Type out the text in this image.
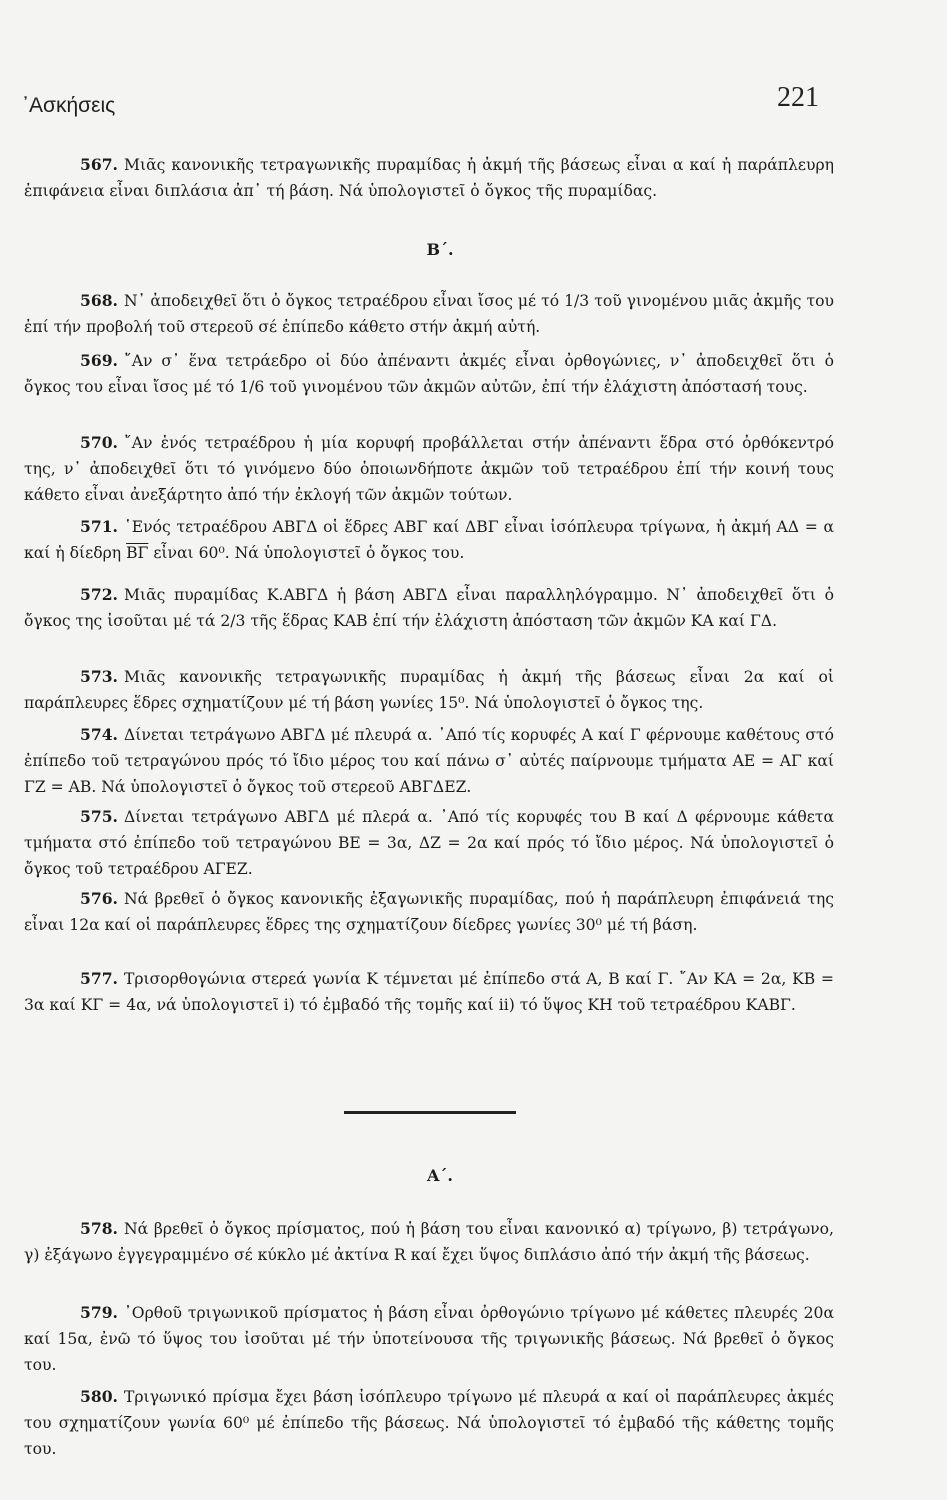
᾿Ασκήσεις	221

567. Μιᾶς κανονικῆς τετραγωνικῆς πυραμίδας ἡ ἀκμή τῆς βάσεως εἶναι α καί ἡ παράπλευρη ἐπιφάνεια εἶναι διπλάσια ἀπ᾿ τή βάση. Νά ὑπολογιστεῖ ὁ ὄγκος τῆς πυραμίδας.

Β΄.

568. Ν᾿ ἀποδειχθεῖ ὅτι ὁ ὄγκος τετραέδρου εἶναι ἴσος μέ τό 1/3 τοῦ γινομένου μιᾶς ἀκμῆς του ἐπί τήν προβολή τοῦ στερεοῦ σέ ἐπίπεδο κάθετο στήν ἀκμή αὐτή.

569. ῎Αν σ᾿ ἕνα τετράεδρο οἱ δύο ἀπέναντι ἀκμές εἶναι ὀρθογώνιες, ν᾿ ἀποδειχθεῖ ὅτι ὁ ὄγκος του εἶναι ἴσος μέ τό 1/6 τοῦ γινομένου τῶν ἀκμῶν αὐτῶν, ἐπί τήν ἐλάχιστη ἀπόστασή τους.

570. ῎Αν ἑνός τετραέδρου ἡ μία κορυφή προβάλλεται στήν ἀπέναντι ἕδρα στό ὀρθόκεντρό της, ν᾿ ἀποδειχθεῖ ὅτι τό γινόμενο δύο ὁποιωνδήποτε ἀκμῶν τοῦ τετραέδρου ἐπί τήν κοινή τους κάθετο εἶναι ἀνεξάρτητο ἀπό τήν ἐκλογή τῶν ἀκμῶν τούτων.

571. ῾Ενός τετραέδρου ΑΒΓΔ οἱ ἕδρες ΑΒΓ καί ΔΒΓ εἶναι ἰσόπλευρα τρίγωνα, ἡ ἀκμή ΑΔ = α καί ἡ δίεδρη $\overline{B\Gamma}$ εἶναι 60⁰. Νά ὑπολογιστεῖ ὁ ὄγκος του.

572. Μιᾶς πυραμίδας Κ.ΑΒΓΔ ἡ βάση ΑΒΓΔ εἶναι παραλληλόγραμμο. Ν᾿ ἀποδειχθεῖ ὅτι ὁ ὄγκος της ἰσοῦται μέ τά 2/3 τῆς ἕδρας ΚΑΒ ἐπί τήν ἐλάχιστη ἀπόσταση τῶν ἀκμῶν ΚΑ καί ΓΔ.

573. Μιᾶς κανονικῆς τετραγωνικῆς πυραμίδας ἡ ἀκμή τῆς βάσεως εἶναι 2α καί οἱ παράπλευρες ἕδρες σχηματίζουν μέ τή βάση γωνίες 15⁰. Νά ὑπολογιστεῖ ὁ ὄγκος της.

574. Δίνεται τετράγωνο ΑΒΓΔ μέ πλευρά α. ᾿Από τίς κορυφές Α καί Γ φέρνουμε καθέτους στό ἐπίπεδο τοῦ τετραγώνου πρός τό ἴδιο μέρος του καί πάνω σ᾿ αὐτές παίρνουμε τμήματα ΑΕ = ΑΓ καί ΓΖ = ΑΒ. Νά ὑπολογιστεῖ ὁ ὄγκος τοῦ στερεοῦ ΑΒΓΔΕΖ.

575. Δίνεται τετράγωνο ΑΒΓΔ μέ πλερά α. ᾿Από τίς κορυφές του Β καί Δ φέρνουμε κάθετα τμήματα στό ἐπίπεδο τοῦ τετραγώνου ΒΕ = 3α, ΔΖ = 2α καί πρός τό ἴδιο μέρος. Νά ὑπολογιστεῖ ὁ ὄγκος τοῦ τετραέδρου ΑΓΕΖ.

576. Νά βρεθεῖ ὁ ὄγκος κανονικῆς ἑξαγωνικῆς πυραμίδας, πού ἡ παράπλευρη ἐπιφάνειά της εἶναι 12α καί οἱ παράπλευρες ἕδρες της σχηματίζουν δίεδρες γωνίες 30⁰ μέ τή βάση.

577. Τρισορθογώνια στερεά γωνία Κ τέμνεται μέ ἐπίπεδο στά Α, Β καί Γ. ῎Αν ΚΑ = 2α, ΚΒ = 3α καί ΚΓ = 4α, νά ὑπολογιστεῖ i) τό ἐμβαδό τῆς τομῆς καί ii) τό ὕψος ΚΗ τοῦ τετραέδρου ΚΑΒΓ.

Α΄.

578. Νά βρεθεῖ ὁ ὄγκος πρίσματος, πού ἡ βάση του εἶναι κανονικό α) τρίγωνο, β) τετράγωνο, γ) ἑξάγωνο ἐγγεγραμμένο σέ κύκλο μέ ἀκτίνα R καί ἔχει ὕψος διπλάσιο ἀπό τήν ἀκμή τῆς βάσεως.

579. ᾿Ορθοῦ τριγωνικοῦ πρίσματος ἡ βάση εἶναι ὀρθογώνιο τρίγωνο μέ κάθετες πλευρές 20α καί 15α, ἐνῶ τό ὕψος του ἰσοῦται μέ τήν ὑποτείνουσα τῆς τριγωνικῆς βάσεως. Νά βρεθεῖ ὁ ὄγκος του.

580. Τριγωνικό πρίσμα ἔχει βάση ἰσόπλευρο τρίγωνο μέ πλευρά α καί οἱ παράπλευρες ἀκμές του σχηματίζουν γωνία 60⁰ μέ ἐπίπεδο τῆς βάσεως. Νά ὑπολογιστεῖ τό ἐμβαδό τῆς κάθετης τομῆς του.
